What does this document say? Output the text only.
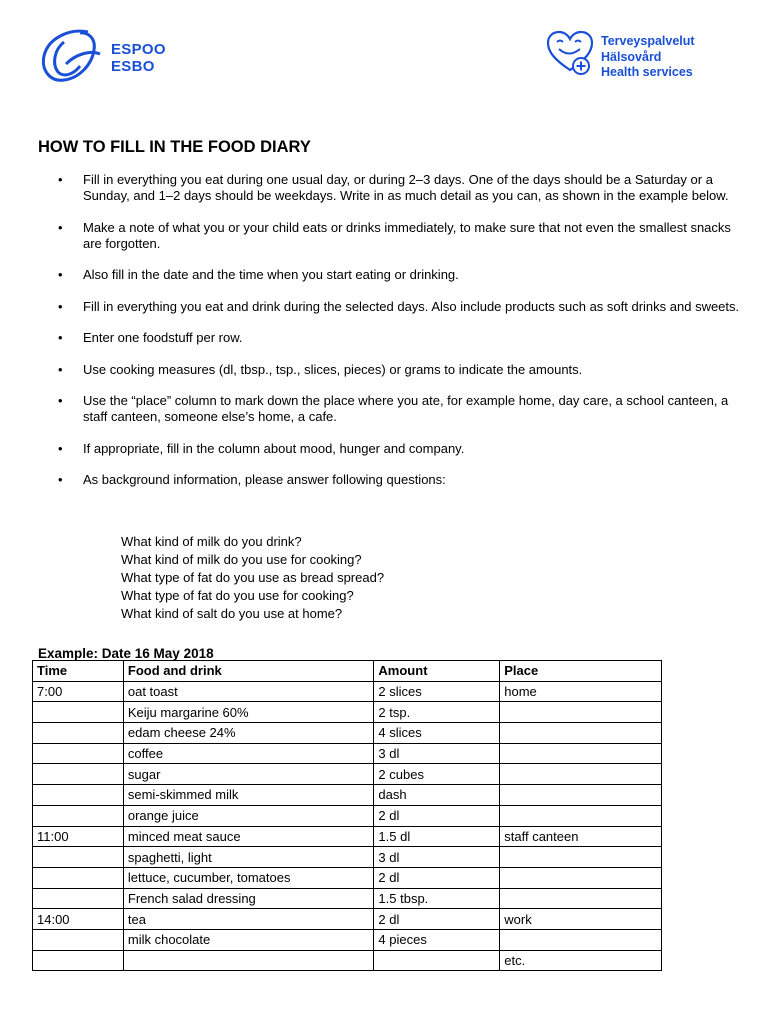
ESPOO
ESBO
Terveyspalvelut
Hälsovård
Health services
HOW TO FILL IN THE FOOD DIARY
• Fill in everything you eat during one usual day, or during 2–3 days. One of the days should be a Saturday or a Sunday, and 1–2 days should be weekdays. Write in as much detail as you can, as shown in the example below.
• Make a note of what you or your child eats or drinks immediately, to make sure that not even the smallest snacks are forgotten.
• Also fill in the date and the time when you start eating or drinking.
• Fill in everything you eat and drink during the selected days. Also include products such as soft drinks and sweets.
• Enter one foodstuff per row.
• Use cooking measures (dl, tbsp., tsp., slices, pieces) or grams to indicate the amounts.
• Use the “place” column to mark down the place where you ate, for example home, day care, a school canteen, a staff canteen, someone else’s home, a cafe.
• If appropriate, fill in the column about mood, hunger and company.
• As background information, please answer following questions:
What kind of milk do you drink?
What kind of milk do you use for cooking?
What type of fat do you use as bread spread?
What type of fat do you use for cooking?
What kind of salt do you use at home?
Example: Date 16 May 2018
Time	Food and drink	Amount	Place
7:00	oat toast	2 slices	home
	Keiju margarine 60%	2 tsp.	
	edam cheese 24%	4 slices	
	coffee	3 dl	
	sugar	2 cubes	
	semi-skimmed milk	dash	
	orange juice	2 dl	
11:00	minced meat sauce	1.5 dl	staff canteen
	spaghetti, light	3 dl	
	lettuce, cucumber, tomatoes	2 dl	
	French salad dressing	1.5 tbsp.	
14:00	tea	2 dl	work
	milk chocolate	4 pieces	
			etc.
